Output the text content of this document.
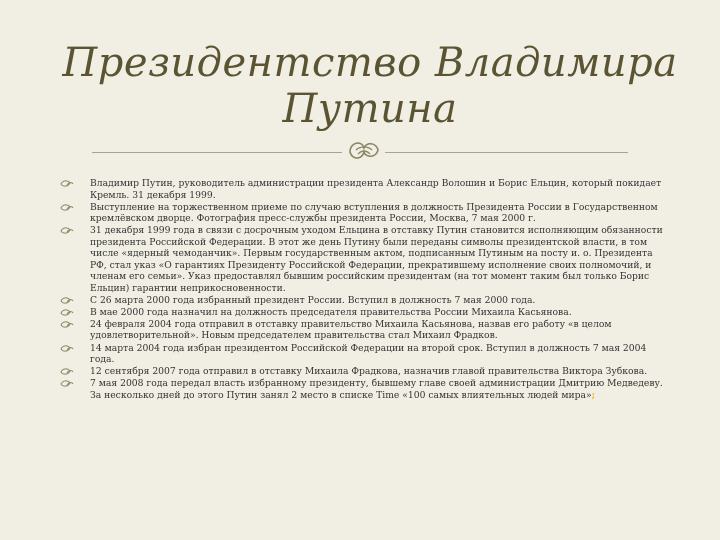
Президентство Владимира
Путина
Владимир Путин, руководитель администрации президента Александр Волошин и Борис Ельцин, который покидает Кремль. 31 декабря 1999.
Выступление на торжественном приеме по случаю вступления в должность Президента России в Государственном кремлёвском дворце. Фотография пресс-службы президента России, Москва, 7 мая 2000 г.
31 декабря 1999 года в связи с досрочным уходом Ельцина в отставку Путин становится исполняющим обязанности президента Российской Федерации. В этот же день Путину были переданы символы президентской власти, в том числе «ядерный чемоданчик». Первым государственным актом, подписанным Путиным на посту и. о. Президента РФ, стал указ «О гарантиях Президенту Российской Федерации, прекратившему исполнение своих полномочий, и членам его семьи». Указ предоставлял бывшим российским президентам (на тот момент таким был только Борис Ельцин) гарантии неприкосновенности.
С 26 марта 2000 года избранный президент России. Вступил в должность 7 мая 2000 года.
В мае 2000 года назначил на должность председателя правительства России Михаила Касьянова.
24 февраля 2004 года отправил в отставку правительство Михаила Касьянова, назвав его работу «в целом удовлетворительной». Новым председателем правительства стал Михаил Фрадков.
14 марта 2004 года избран президентом Российской Федерации на второй срок. Вступил в должность 7 мая 2004 года.
12 сентября 2007 года отправил в отставку Михаила Фрадкова, назначив главой правительства Виктора Зубкова.
7 мая 2008 года передал власть избранному президенту, бывшему главе своей администрации Дмитрию Медведеву. За несколько дней до этого Путин занял 2 место в списке Time «100 самых влиятельных людей мира»;
